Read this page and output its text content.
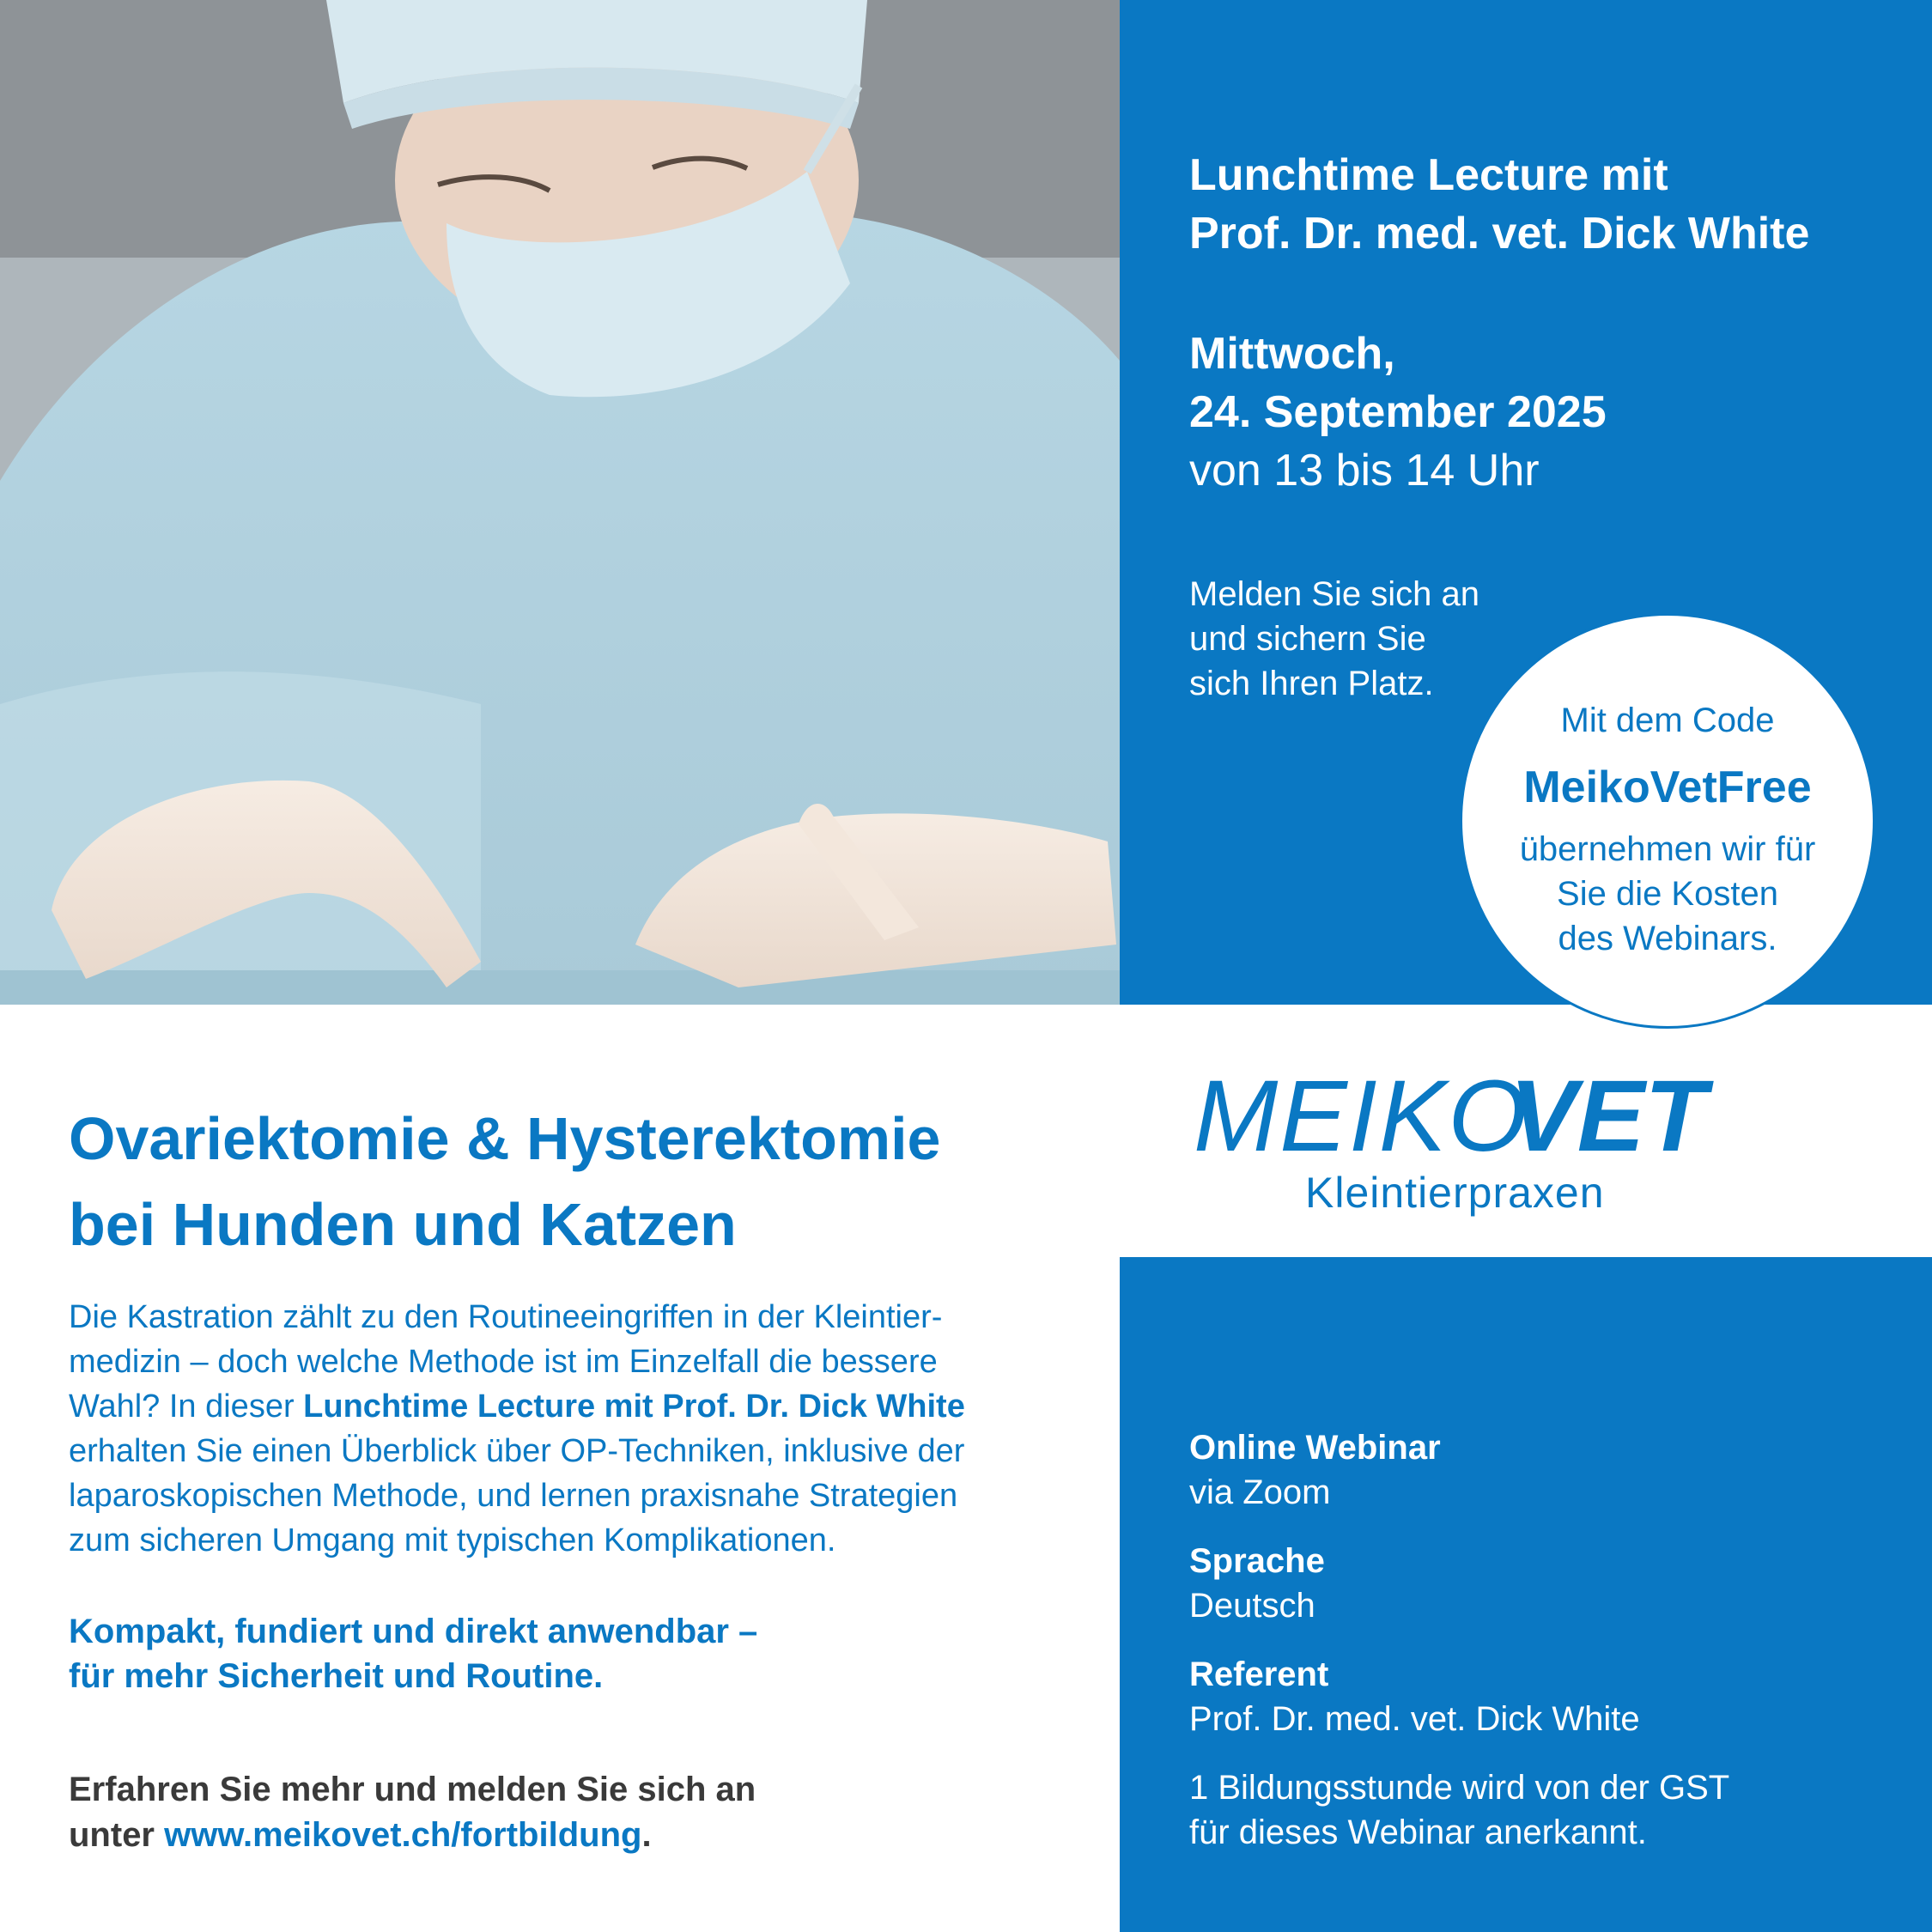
Lunchtime Lecture mit
Prof. Dr. med. vet. Dick White
Mittwoch,
24. September 2025
von 13 bis 14 Uhr
Melden Sie sich an
und sichern Sie
sich Ihren Platz.
Mit dem Code
MeikoVetFree
übernehmen wir für
Sie die Kosten
des Webinars.
MEIKO
VET
Kleintierpraxen
Ovariektomie & Hysterektomie
bei Hunden und Katzen
Die Kastration zählt zu den Routineeingriffen in der Kleintier-
medizin – doch welche Methode ist im Einzelfall die bessere
Wahl? In dieser Lunchtime Lecture mit Prof. Dr. Dick White
erhalten Sie einen Überblick über OP-Techniken, inklusive der
laparoskopischen Methode, und lernen praxisnahe Strategien
zum sicheren Umgang mit typischen Komplikationen.
Kompakt, fundiert und direkt anwendbar –
für mehr Sicherheit und Routine.
Erfahren Sie mehr und melden Sie sich an
unter www.meikovet.ch/fortbildung.
Online Webinar
via Zoom
Sprache
Deutsch
Referent
Prof. Dr. med. vet. Dick White
1 Bildungsstunde wird von der GST
für dieses Webinar anerkannt.
